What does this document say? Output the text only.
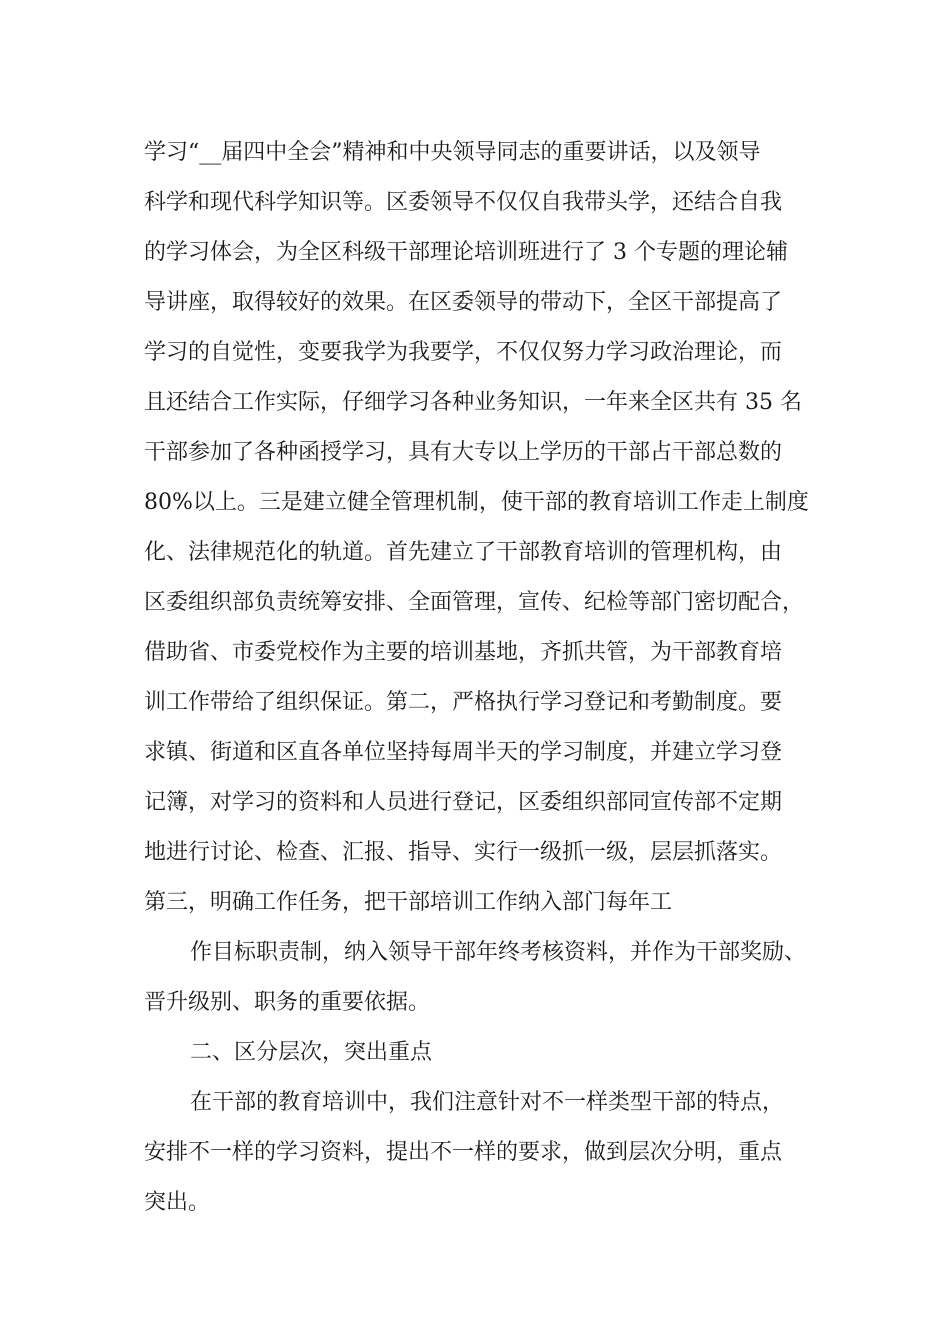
学习“__届四中全会”精神和中央领导同志的重要讲话，以及领导
科学和现代科学知识等。区委领导不仅仅自我带头学，还结合自我
的学习体会，为全区科级干部理论培训班进行了 3 个专题的理论辅
导讲座，取得较好的效果。在区委领导的带动下，全区干部提高了
学习的自觉性，变要我学为我要学，不仅仅努力学习政治理论，而
且还结合工作实际，仔细学习各种业务知识，一年来全区共有 35 名
干部参加了各种函授学习，具有大专以上学历的干部占干部总数的
80%以上。三是建立健全管理机制，使干部的教育培训工作走上制度
化、法律规范化的轨道。首先建立了干部教育培训的管理机构，由
区委组织部负责统筹安排、全面管理，宣传、纪检等部门密切配合，
借助省、市委党校作为主要的培训基地，齐抓共管，为干部教育培
训工作带给了组织保证。第二，严格执行学习登记和考勤制度。要
求镇、街道和区直各单位坚持每周半天的学习制度，并建立学习登
记簿，对学习的资料和人员进行登记，区委组织部同宣传部不定期
地进行讨论、检查、汇报、指导、实行一级抓一级，层层抓落实。
第三，明确工作任务，把干部培训工作纳入部门每年工
作目标职责制，纳入领导干部年终考核资料，并作为干部奖励、
晋升级别、职务的重要依据。
二、区分层次，突出重点
在干部的教育培训中，我们注意针对不一样类型干部的特点，
安排不一样的学习资料，提出不一样的要求，做到层次分明，重点
突出。
